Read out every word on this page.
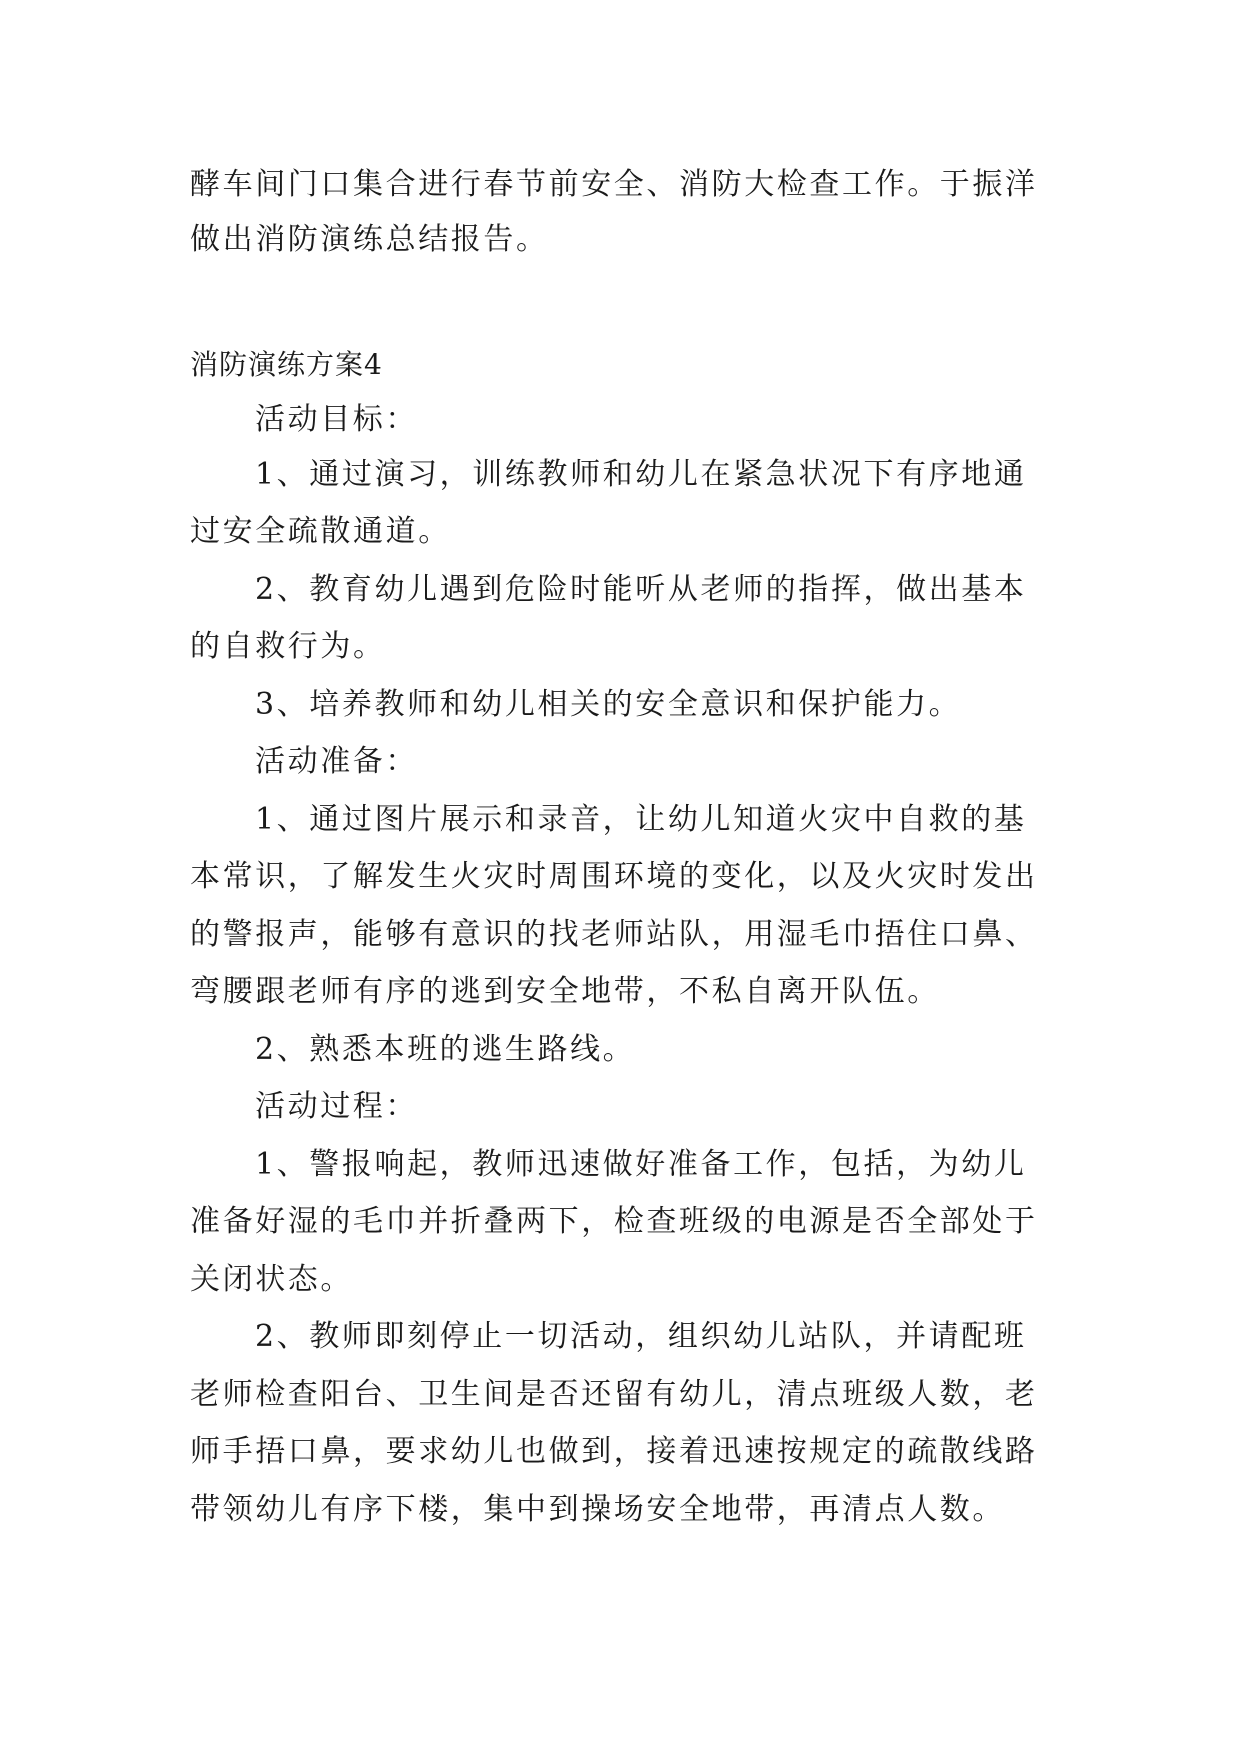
酵车间门口集合进行春节前安全、消防大检查工作。于振洋
做出消防演练总结报告。
消防演练方案4
活动目标：
1、通过演习，训练教师和幼儿在紧急状况下有序地通
过安全疏散通道。
2、教育幼儿遇到危险时能听从老师的指挥，做出基本
的自救行为。
3、培养教师和幼儿相关的安全意识和保护能力。
活动准备：
1、通过图片展示和录音，让幼儿知道火灾中自救的基
本常识，了解发生火灾时周围环境的变化，以及火灾时发出
的警报声，能够有意识的找老师站队，用湿毛巾捂住口鼻、
弯腰跟老师有序的逃到安全地带，不私自离开队伍。
2、熟悉本班的逃生路线。
活动过程：
1、警报响起，教师迅速做好准备工作，包括，为幼儿
准备好湿的毛巾并折叠两下，检查班级的电源是否全部处于
关闭状态。
2、教师即刻停止一切活动，组织幼儿站队，并请配班
老师检查阳台、卫生间是否还留有幼儿，清点班级人数，老
师手捂口鼻，要求幼儿也做到，接着迅速按规定的疏散线路
带领幼儿有序下楼，集中到操场安全地带，再清点人数。
